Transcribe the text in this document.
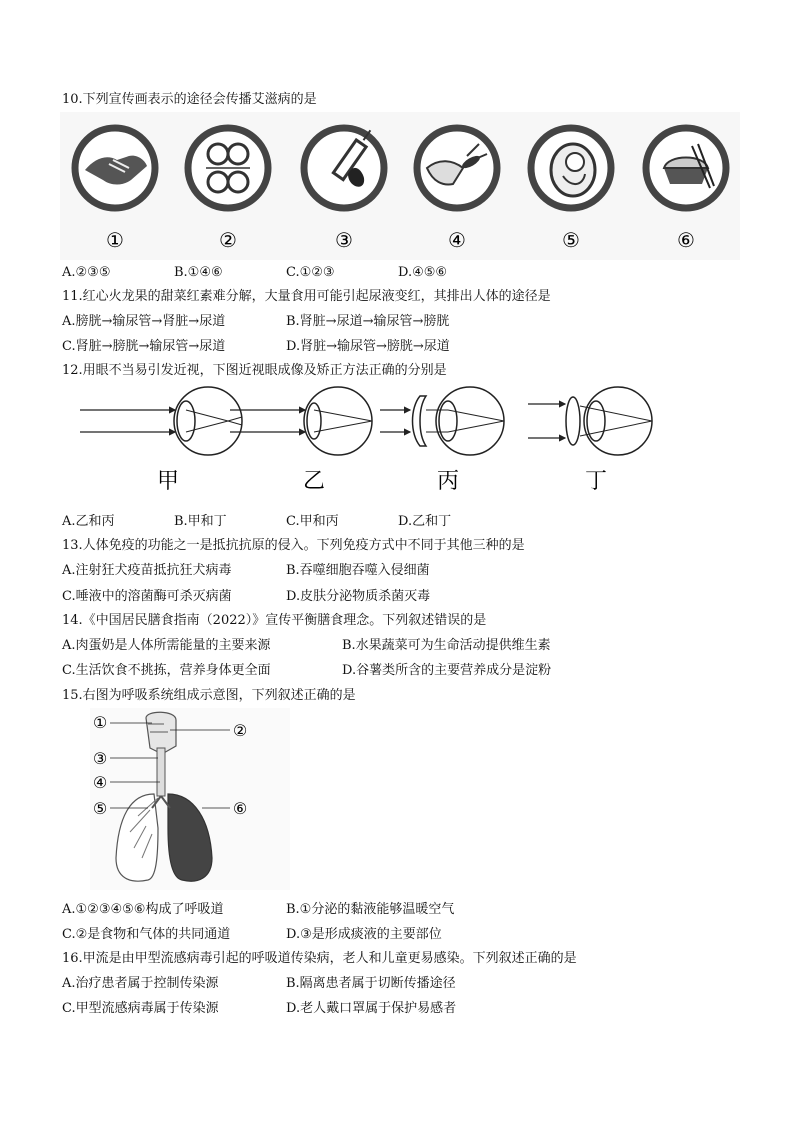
10.下列宣传画表示的途径会传播艾滋病的是
①	②	③	④	⑤	⑥
A.②③⑤	B.①④⑥	C.①②③	D.④⑤⑥
11.红心火龙果的甜菜红素难分解，大量食用可能引起尿液变红，其排出人体的途径是
A.膀胱→输尿管→肾脏→尿道	B.肾脏→尿道→输尿管→膀胱
C.肾脏→膀胱→输尿管→尿道	D.肾脏→输尿管→膀胱→尿道
12.用眼不当易引发近视，下图近视眼成像及矫正方法正确的分别是
甲	乙	丙	丁
A.乙和丙	B.甲和丁	C.甲和丙	D.乙和丁
13.人体免疫的功能之一是抵抗抗原的侵入。下列免疫方式中不同于其他三种的是
A.注射狂犬疫苗抵抗狂犬病毒	B.吞噬细胞吞噬入侵细菌
C.唾液中的溶菌酶可杀灭病菌	D.皮肤分泌物质杀菌灭毒
14.《中国居民膳食指南（2022）》宣传平衡膳食理念。下列叙述错误的是
A.肉蛋奶是人体所需能量的主要来源	B.水果蔬菜可为生命活动提供维生素
C.生活饮食不挑拣，营养身体更全面	D.谷薯类所含的主要营养成分是淀粉
15.右图为呼吸系统组成示意图，下列叙述正确的是
①	②
③
④
⑤	⑥
A.①②③④⑤⑥构成了呼吸道	B.①分泌的黏液能够温暖空气
C.②是食物和气体的共同通道	D.③是形成痰液的主要部位
16.甲流是由甲型流感病毒引起的呼吸道传染病，老人和儿童更易感染。下列叙述正确的是
A.治疗患者属于控制传染源	B.隔离患者属于切断传播途径
C.甲型流感病毒属于传染源	D.老人戴口罩属于保护易感者
